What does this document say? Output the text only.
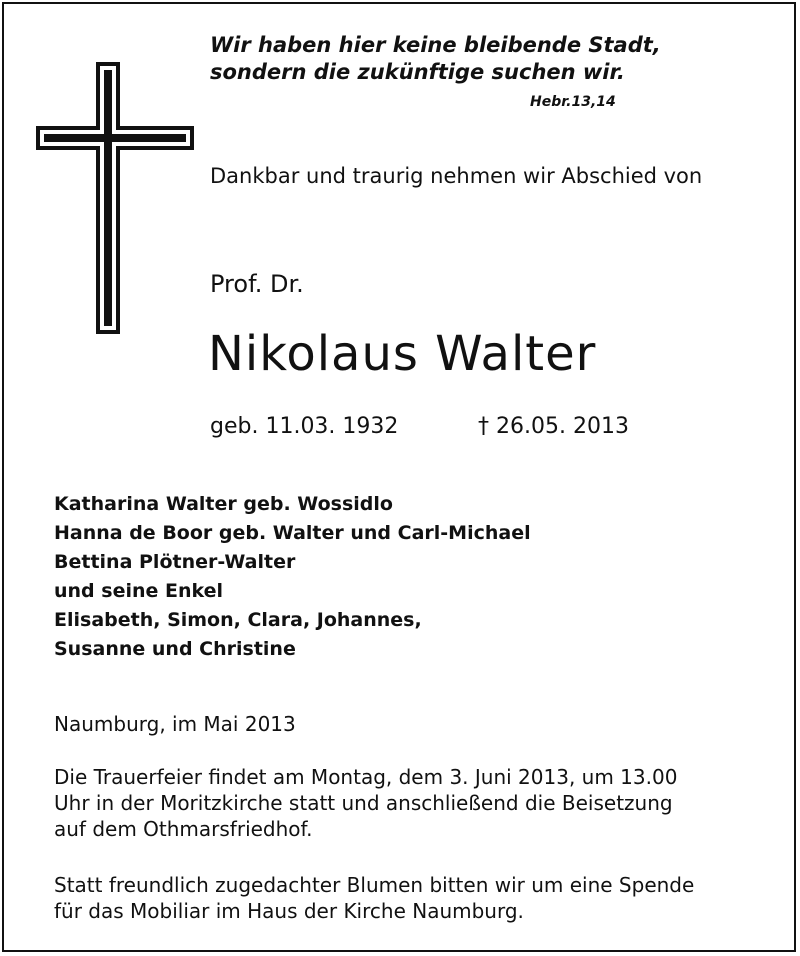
Wir haben hier keine bleibende Stadt,
sondern die zukünftige suchen wir.
Hebr.13,14
Dankbar und traurig nehmen wir Abschied von
Prof. Dr.
Nikolaus Walter
geb. 11.03. 1932	† 26.05. 2013
Katharina Walter geb. Wossidlo
Hanna de Boor geb. Walter und Carl-Michael
Bettina Plötner-Walter
und seine Enkel
Elisabeth, Simon, Clara, Johannes,
Susanne und Christine
Naumburg, im Mai 2013
Die Trauerfeier findet am Montag, dem 3. Juni 2013, um 13.00
Uhr in der Moritzkirche statt und anschließend die Beisetzung
auf dem Othmarsfriedhof.
Statt freundlich zugedachter Blumen bitten wir um eine Spende
für das Mobiliar im Haus der Kirche Naumburg.
